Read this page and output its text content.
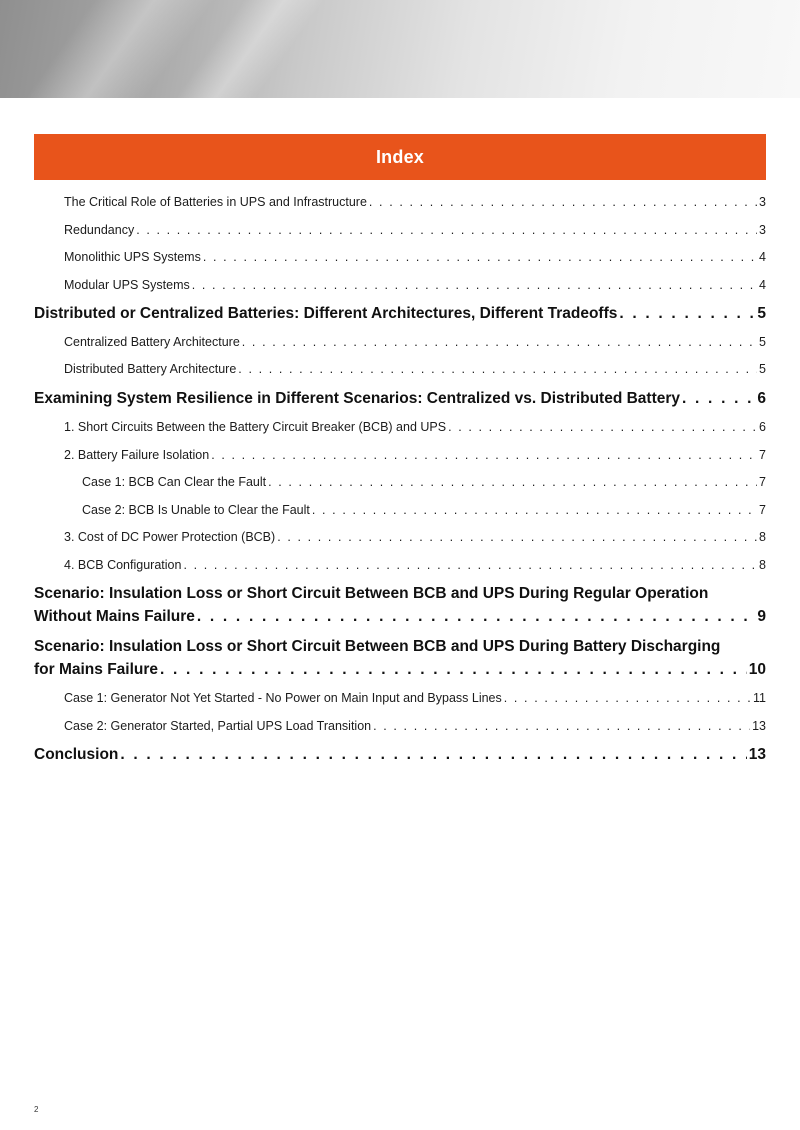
Index
The Critical Role of Batteries in UPS and Infrastructure . . .	3
Redundancy . . .	3
Monolithic UPS Systems . . .	4
Modular UPS Systems . . .	4
Distributed or Centralized Batteries: Different Architectures, Different Tradeoffs . . .	5
Centralized Battery Architecture . . .	5
Distributed Battery Architecture . . .	5
Examining System Resilience in Different Scenarios: Centralized vs. Distributed Battery . . .	6
1. Short Circuits Between the Battery Circuit Breaker (BCB) and UPS . . .	6
2. Battery Failure Isolation . . .	7
Case 1: BCB Can Clear the Fault . . .	7
Case 2: BCB Is Unable to Clear the Fault . . .	7
3. Cost of DC Power Protection (BCB) . . .	8
4. BCB Configuration . . .	8
Scenario: Insulation Loss or Short Circuit Between BCB and UPS During Regular Operation
Without Mains Failure . . .	9
Scenario: Insulation Loss or Short Circuit Between BCB and UPS During Battery Discharging
for Mains Failure . . .	10
Case 1: Generator Not Yet Started - No Power on Main Input and Bypass Lines . . .	11
Case 2: Generator Started, Partial UPS Load Transition . . .	13
Conclusion . . .	13
2
